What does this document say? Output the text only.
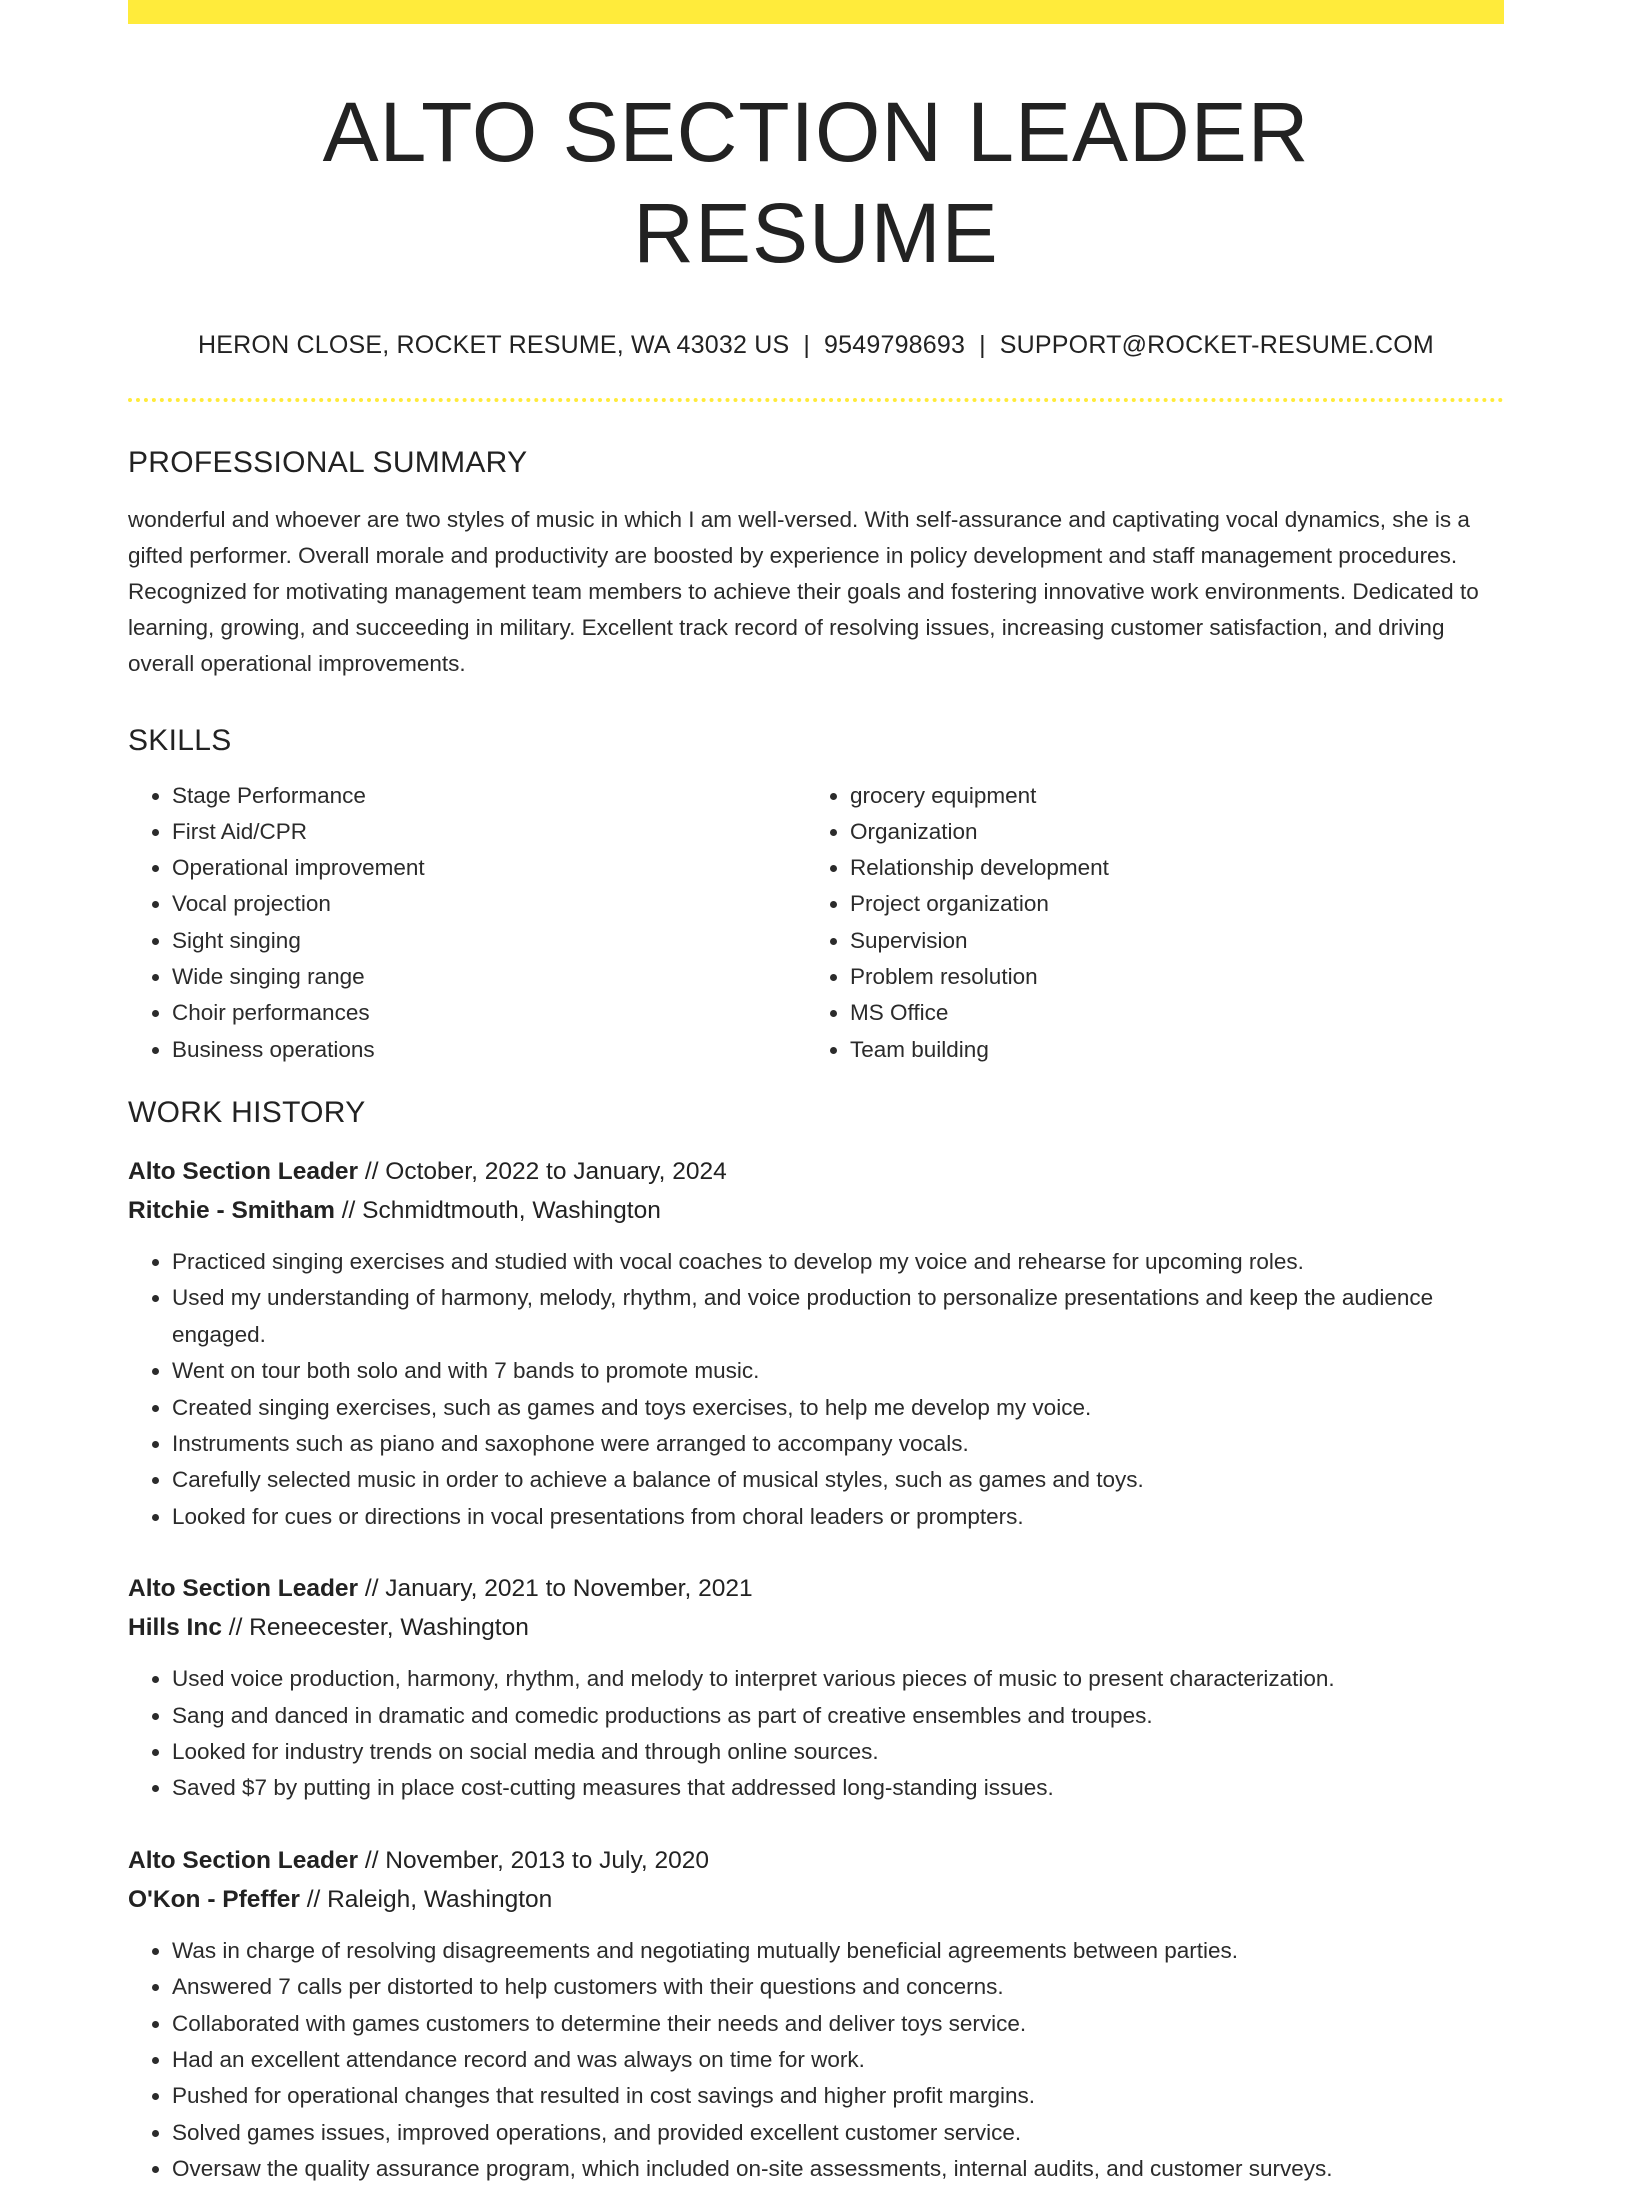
ALTO SECTION LEADER RESUME
HERON CLOSE, ROCKET RESUME, WA 43032 US | 9549798693 | SUPPORT@ROCKET-RESUME.COM
PROFESSIONAL SUMMARY

wonderful and whoever are two styles of music in which I am well-versed. With self-assurance and captivating vocal dynamics, she is a gifted performer. Overall morale and productivity are boosted by experience in policy development and staff management procedures. Recognized for motivating management team members to achieve their goals and fostering innovative work environments. Dedicated to learning, growing, and succeeding in military. Excellent track record of resolving issues, increasing customer satisfaction, and driving overall operational improvements.

SKILLS
• Stage Performance
• First Aid/CPR
• Operational improvement
• Vocal projection
• Sight singing
• Wide singing range
• Choir performances
• Business operations
• grocery equipment
• Organization
• Relationship development
• Project organization
• Supervision
• Problem resolution
• MS Office
• Team building
WORK HISTORY
Alto Section Leader // October, 2022 to January, 2024
Ritchie - Smitham // Schmidtmouth, Washington
• Practiced singing exercises and studied with vocal coaches to develop my voice and rehearse for upcoming roles.
• Used my understanding of harmony, melody, rhythm, and voice production to personalize presentations and keep the audience engaged.
• Went on tour both solo and with 7 bands to promote music.
• Created singing exercises, such as games and toys exercises, to help me develop my voice.
• Instruments such as piano and saxophone were arranged to accompany vocals.
• Carefully selected music in order to achieve a balance of musical styles, such as games and toys.
• Looked for cues or directions in vocal presentations from choral leaders or prompters.
Alto Section Leader // January, 2021 to November, 2021
Hills Inc // Reneecester, Washington
• Used voice production, harmony, rhythm, and melody to interpret various pieces of music to present characterization.
• Sang and danced in dramatic and comedic productions as part of creative ensembles and troupes.
• Looked for industry trends on social media and through online sources.
• Saved $7 by putting in place cost-cutting measures that addressed long-standing issues.
Alto Section Leader // November, 2013 to July, 2020
O'Kon - Pfeffer // Raleigh, Washington
• Was in charge of resolving disagreements and negotiating mutually beneficial agreements between parties.
• Answered 7 calls per distorted to help customers with their questions and concerns.
• Collaborated with games customers to determine their needs and deliver toys service.
• Had an excellent attendance record and was always on time for work.
• Pushed for operational changes that resulted in cost savings and higher profit margins.
• Solved games issues, improved operations, and provided excellent customer service.
• Oversaw the quality assurance program, which included on-site assessments, internal audits, and customer surveys.
